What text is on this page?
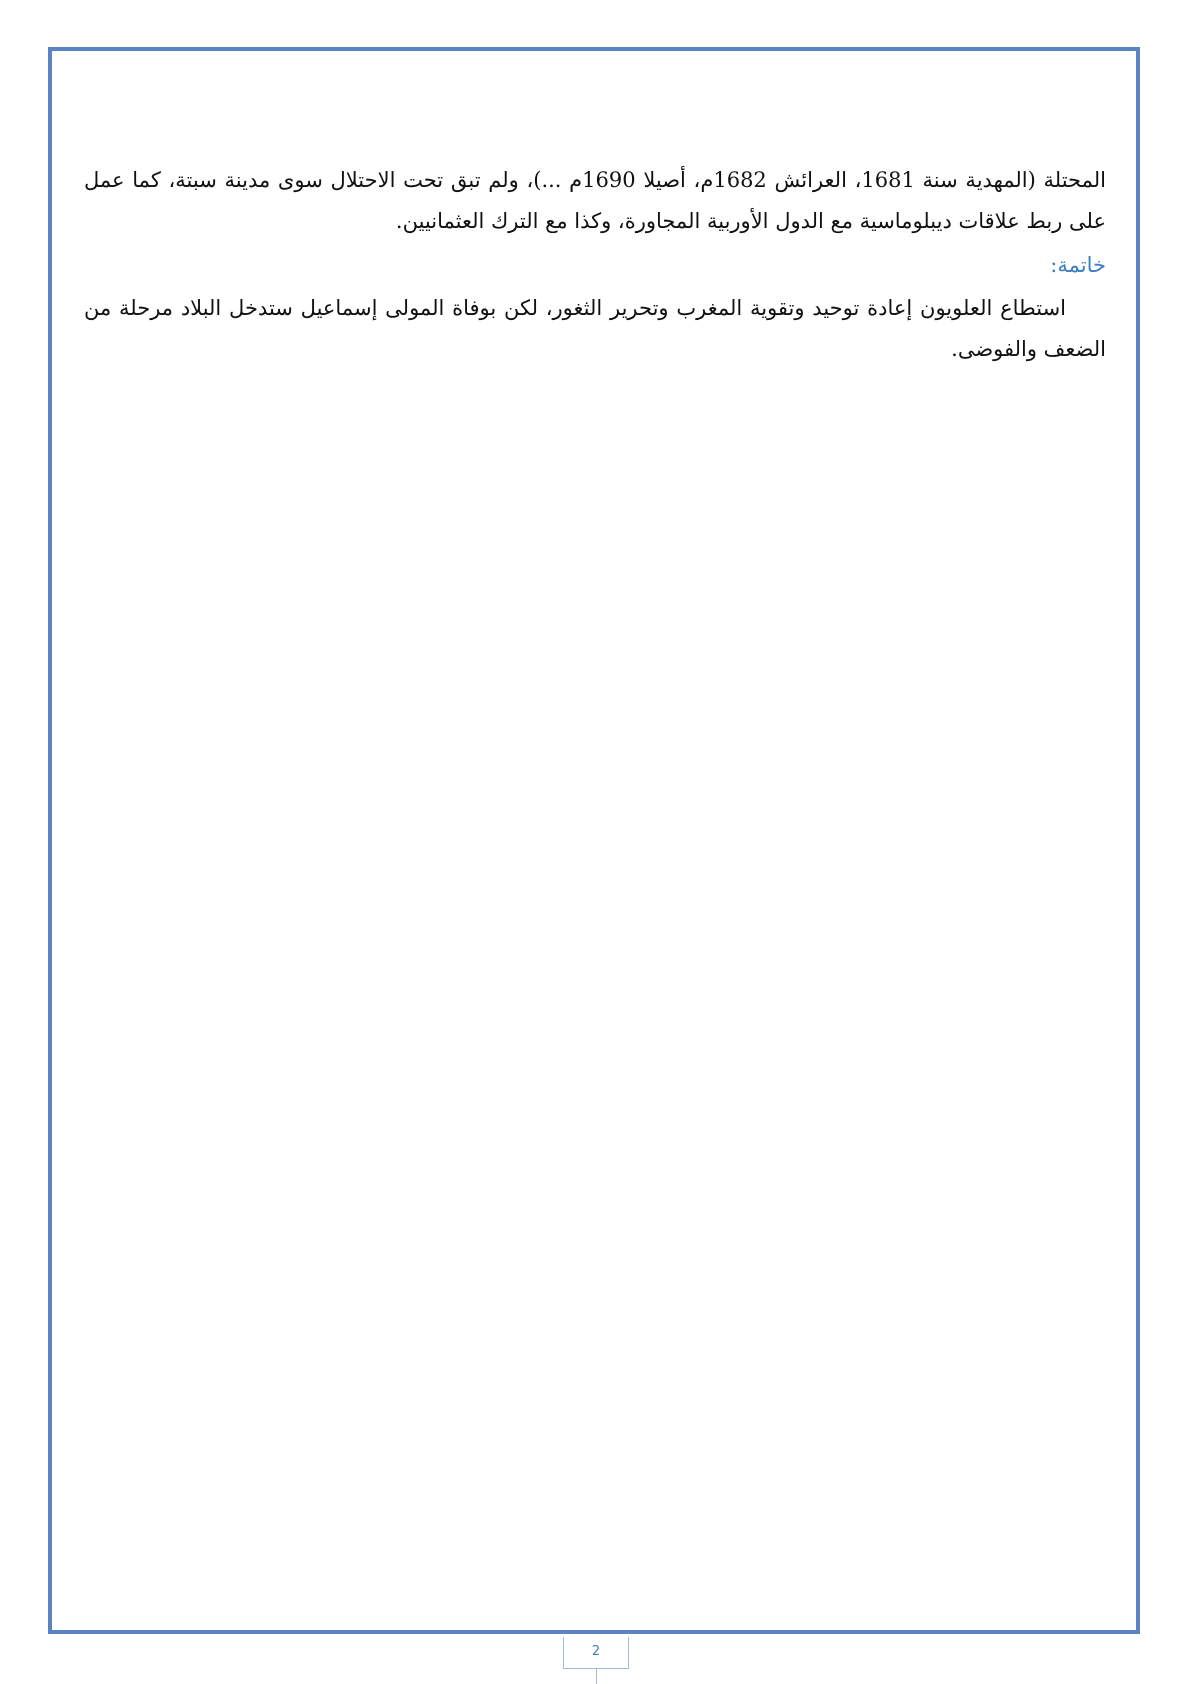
المحتلة (المهدية سنة 1681، العرائش 1682م، أصيلا 1690م ...)، ولم تبق تحت الاحتلال سوى مدينة سبتة، كما عمل على ربط علاقات ديبلوماسية مع الدول الأوربية المجاورة، وكذا مع الترك العثمانيين.

خاتمة:

استطاع العلويون إعادة توحيد وتقوية المغرب وتحرير الثغور، لكن بوفاة المولى إسماعيل ستدخل البلاد مرحلة من الضعف والفوضى.

2
